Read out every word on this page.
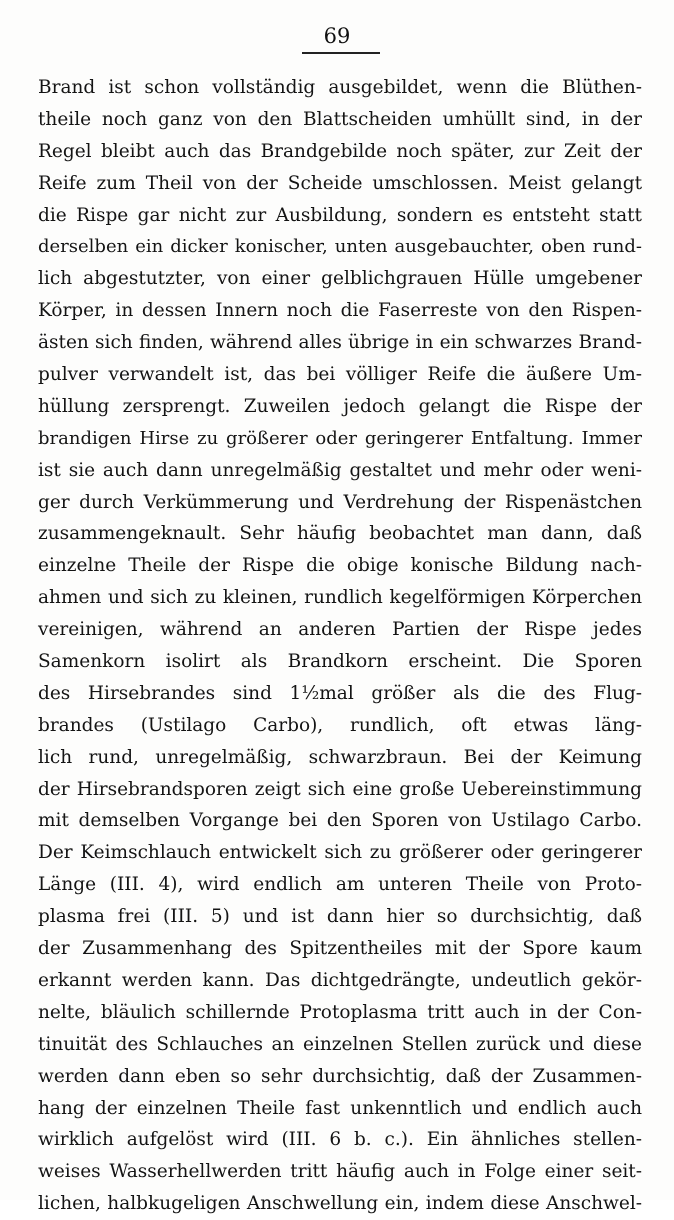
69
Brand ist schon vollständig ausgebildet, wenn die Blüthen-
theile noch ganz von den Blattscheiden umhüllt sind, in der
Regel bleibt auch das Brandgebilde noch später, zur Zeit der
Reife zum Theil von der Scheide umschlossen. Meist gelangt
die Rispe gar nicht zur Ausbildung, sondern es entsteht statt
derselben ein dicker konischer, unten ausgebauchter, oben rund-
lich abgestutzter, von einer gelblichgrauen Hülle umgebener
Körper, in dessen Innern noch die Faserreste von den Rispen-
ästen sich finden, während alles übrige in ein schwarzes Brand-
pulver verwandelt ist, das bei völliger Reife die äußere Um-
hüllung zersprengt. Zuweilen jedoch gelangt die Rispe der
brandigen Hirse zu größerer oder geringerer Entfaltung. Immer
ist sie auch dann unregelmäßig gestaltet und mehr oder weni-
ger durch Verkümmerung und Verdrehung der Rispenästchen
zusammengeknault. Sehr häufig beobachtet man dann, daß
einzelne Theile der Rispe die obige konische Bildung nach-
ahmen und sich zu kleinen, rundlich kegelförmigen Körperchen
vereinigen, während an anderen Partien der Rispe jedes
Samenkorn isolirt als Brandkorn erscheint. Die Sporen
des Hirsebrandes sind 1½mal größer als die des Flug-
brandes (Ustilago Carbo), rundlich, oft etwas läng-
lich rund, unregelmäßig, schwarzbraun. Bei der Keimung
der Hirsebrandsporen zeigt sich eine große Uebereinstimmung
mit demselben Vorgange bei den Sporen von Ustilago Carbo.
Der Keimschlauch entwickelt sich zu größerer oder geringerer
Länge (III. 4), wird endlich am unteren Theile von Proto-
plasma frei (III. 5) und ist dann hier so durchsichtig, daß
der Zusammenhang des Spitzentheiles mit der Spore kaum
erkannt werden kann. Das dichtgedrängte, undeutlich gekör-
nelte, bläulich schillernde Protoplasma tritt auch in der Con-
tinuität des Schlauches an einzelnen Stellen zurück und diese
werden dann eben so sehr durchsichtig, daß der Zusammen-
hang der einzelnen Theile fast unkenntlich und endlich auch
wirklich aufgelöst wird (III. 6 b. c.). Ein ähnliches stellen-
weises Wasserhellwerden tritt häufig auch in Folge einer seit-
lichen, halbkugeligen Anschwellung ein, indem diese Anschwel-
